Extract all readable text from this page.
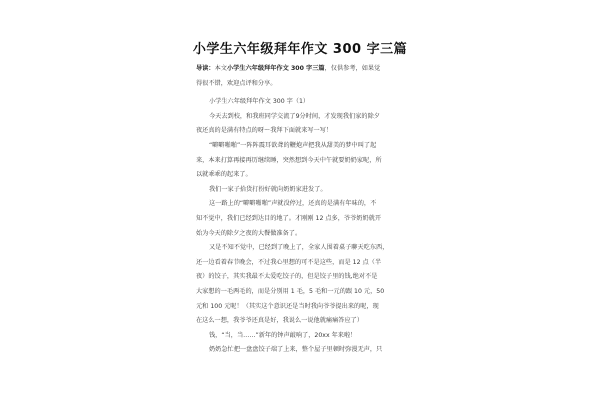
小学生六年级拜年作文 300 字三篇

导读：本文小学生六年级拜年作文 300 字三篇，仅供参考，如果觉
得很不错，欢迎点评和分享。

小学生六年级拜年作文 300 字（1）

今天去到校，和我班同学交流了9分时间，才发现我们家的除夕
夜还真的是满有特点的呀～我拜下面就来写一写！

“噼噼啪啪”一阵阵震耳欲聋的鞭炮声把我从甜美的梦中叫了起
来，本来打算再接再历继续睡，突然想到今天中午就要奶奶家呢，所
以就乖乖的起来了。

我们一家子拾货打扮好就向奶奶家进发了。

这一路上的“噼噼啪啪”声就没停过，还真的是满有年味的，不
知不觉中，我们已经到达目的地了。才刚刚 12 点多，爷爷奶奶就开
始为今天的除夕之夜的大餐做准备了。

又是不知不觉中，已经到了晚上了，全家人围着桌子聊天吃东西，
还一边看着春节晚会，不过我心里想的可不是这些，而是 12 点（半
夜）的饺子，其实我最不太爱吃饺子的，但是饺子里的钱,绝对不是
大家想的一毛两毛的，而是分别用 1 毛，5 毛和一元的跟 10 元，50
元和 100 元呢！（其实这个意识还是当时我向爷爷提出来的呢，现
在这么一想，我爷爷还真是好，我说么一说他就痛痛答应了）

钱，“当，当……”新年的钟声敲响了，20xx 年来啦！

奶奶急忙把一盘盘饺子端了上来，整个屋子里顿时弥漫无声，只
